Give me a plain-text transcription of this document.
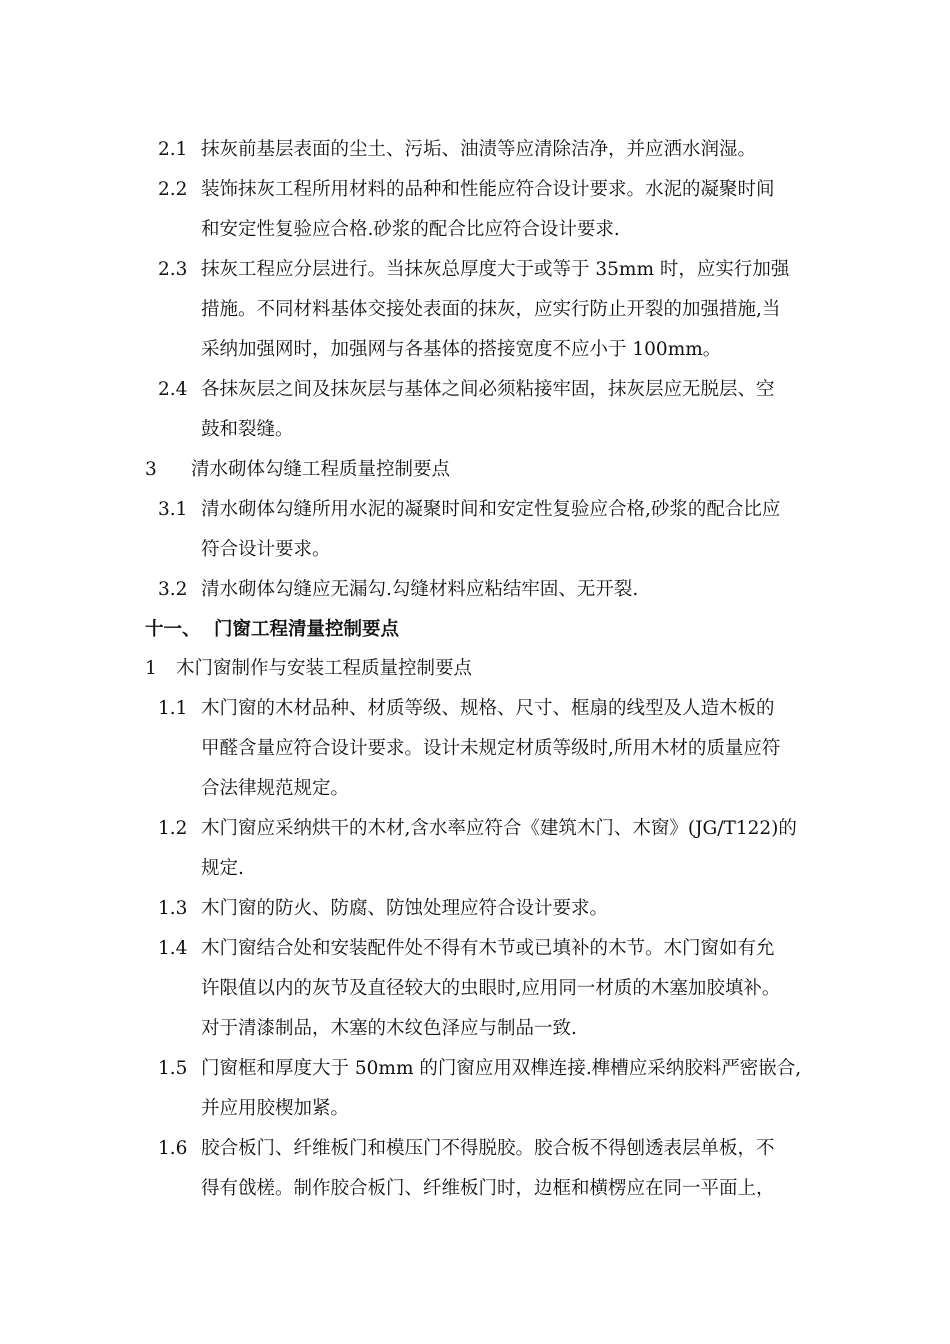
2.1 抹灰前基层表面的尘土、污垢、油渍等应清除洁净，并应洒水润湿。
2.2 装饰抹灰工程所用材料的品种和性能应符合设计要求。水泥的凝聚时间
和安定性复验应合格.砂浆的配合比应符合设计要求.
2.3 抹灰工程应分层进行。当抹灰总厚度大于或等于 35mm 时，应实行加强
措施。不同材料基体交接处表面的抹灰，应实行防止开裂的加强措施,当
采纳加强网时，加强网与各基体的搭接宽度不应小于 100mm。
2.4 各抹灰层之间及抹灰层与基体之间必须粘接牢固，抹灰层应无脱层、空
鼓和裂缝。
3 清水砌体勾缝工程质量控制要点
3.1 清水砌体勾缝所用水泥的凝聚时间和安定性复验应合格,砂浆的配合比应
符合设计要求。
3.2 清水砌体勾缝应无漏勾.勾缝材料应粘结牢固、无开裂.
十一、 门窗工程清量控制要点
1 木门窗制作与安装工程质量控制要点
1.1 木门窗的木材品种、材质等级、规格、尺寸、框扇的线型及人造木板的
甲醛含量应符合设计要求。设计未规定材质等级时,所用木材的质量应符
合法律规范规定。
1.2 木门窗应采纳烘干的木材,含水率应符合《建筑木门、木窗》(JG/T122)的
规定.
1.3 木门窗的防火、防腐、防蚀处理应符合设计要求。
1.4 木门窗结合处和安装配件处不得有木节或已填补的木节。木门窗如有允
许限值以内的灰节及直径较大的虫眼时,应用同一材质的木塞加胶填补。
对于清漆制品，木塞的木纹色泽应与制品一致.
1.5 门窗框和厚度大于 50mm 的门窗应用双榫连接.榫槽应采纳胶料严密嵌合,
并应用胶楔加紧。
1.6 胶合板门、纤维板门和模压门不得脱胶。胶合板不得刨透表层单板，不
得有戗槎。制作胶合板门、纤维板门时，边框和横楞应在同一平面上，
